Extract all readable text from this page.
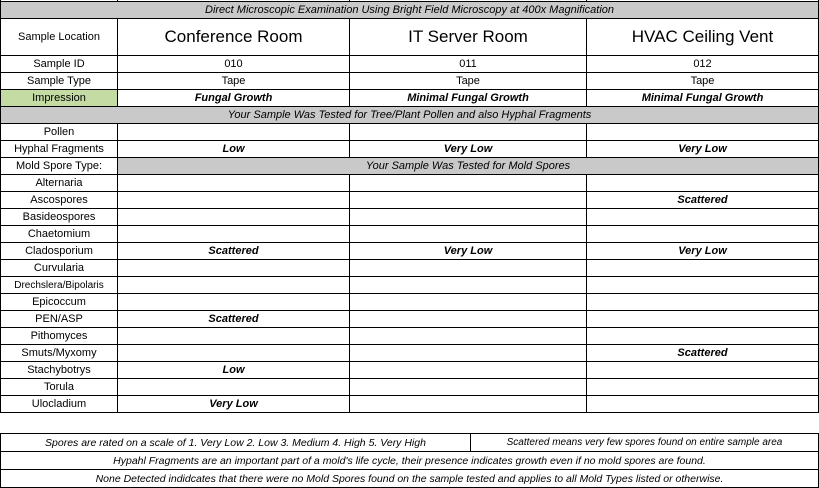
Direct Microscopic Examination Using Bright Field Microscopy at 400x Magnification			
Sample Location	Conference Room	IT Server Room	HVAC Ceiling Vent
Sample ID	010	011	012
Sample Type	Tape	Tape	Tape
Impression	Fungal Growth	Minimal Fungal Growth	Minimal Fungal Growth
Your Sample Was Tested for Tree/Plant Pollen and also Hyphal Fragments			
Pollen			
Hyphal Fragments	Low	Very Low	Very Low
Mold Spore Type:	Your Sample Was Tested for Mold Spores		
Alternaria			
Ascospores			Scattered
Basideospores			
Chaetomium			
Cladosporium	Scattered	Very Low	Very Low
Curvularia			
Drechslera/Bipolaris			
Epicoccum			
PEN/ASP	Scattered		
Pithomyces			
Smuts/Myxomy			Scattered
Stachybotrys	Low		
Torula			
Ulocladium	Very Low		
Spores are rated on a scale of 1. Very Low 2. Low 3. Medium 4. High 5. Very High	Scattered means very few spores found on entire sample area
Hypahl Fragments are an important part of a mold's life cycle, their presence indicates growth even if no mold spores are found.
None Detected indidcates that there were no Mold Spores found on the sample tested and applies to all Mold Types listed or otherwise.
